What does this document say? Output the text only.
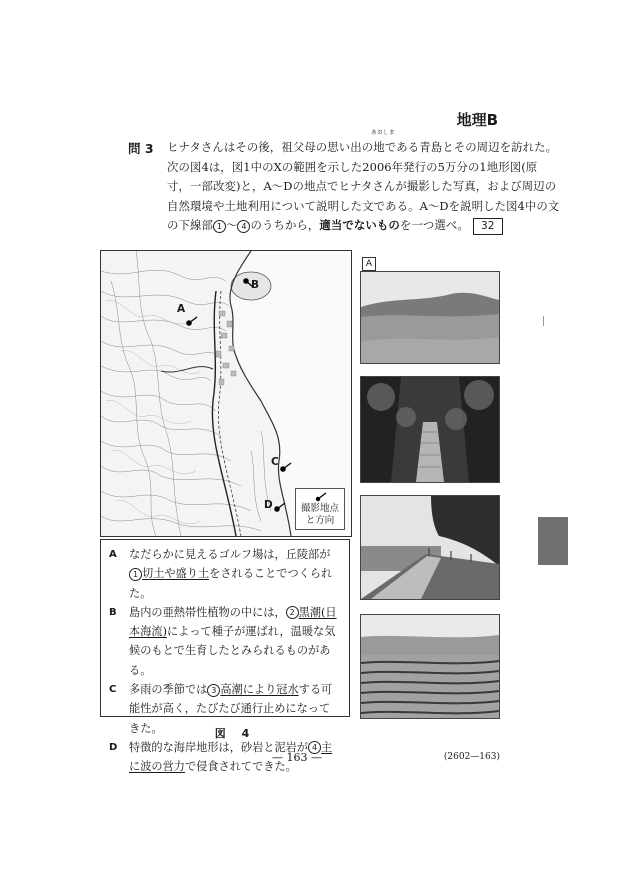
地理B
問 3
あおしま
ヒナタさんはその後，祖父母の思い出の地である青島とその周辺を訪れた。
次の図4は，図1中のXの範囲を示した2006年発行の5万分の1地形図(原
寸，一部改変)と，A～Dの地点でヒナタさんが撮影した写真，および周辺の
自然環境や土地利用について説明した文である。A～Dを説明した図4中の文
の下線部 1 ～ 4 のうちから，適当でないものを一つ選べ。 32
A
B
C
D	撮影地点
と方向
A
A	なだらかに見えるゴルフ場は，丘陵部が1 切土や盛り土をされることでつくられた。
B	島内の亜熱帯性植物の中には， 2 黒潮(日本海流)によって種子が運ばれ，温暖な気候のもとで生育したとみられるものがある。
C	多雨の季節では 3 高潮により冠水する可能性が高く，たびたび通行止めになってきた。
D	特徴的な海岸地形は，砂岩と泥岩が 4 主に波の営力で侵食されてできた。
図 4
— 163 —	(2602—163)
